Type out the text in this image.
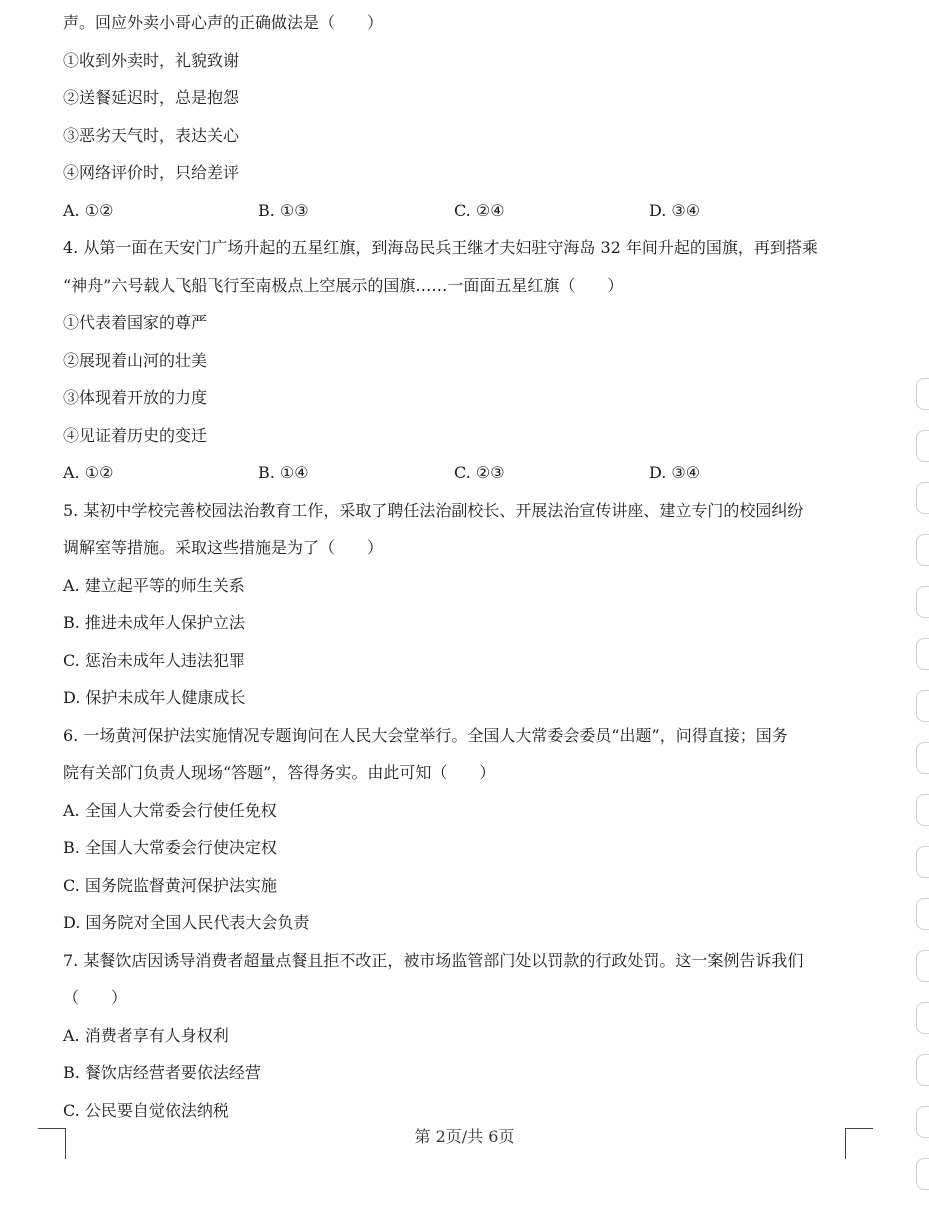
声。回应外卖小哥心声的正确做法是（　　）
①收到外卖时，礼貌致谢
②送餐延迟时，总是抱怨
③恶劣天气时，表达关心
④网络评价时，只给差评
A. ①②	B. ①③	C. ②④	D. ③④
4. 从第一面在天安门广场升起的五星红旗，到海岛民兵王继才夫妇驻守海岛 32 年间升起的国旗，再到搭乘
“神舟”六号载人飞船飞行至南极点上空展示的国旗……一面面五星红旗（　　）
①代表着国家的尊严
②展现着山河的壮美
③体现着开放的力度
④见证着历史的变迁
A. ①②	B. ①④	C. ②③	D. ③④
5. 某初中学校完善校园法治教育工作，采取了聘任法治副校长、开展法治宣传讲座、建立专门的校园纠纷
调解室等措施。采取这些措施是为了（　　）
A. 建立起平等的师生关系
B. 推进未成年人保护立法
C. 惩治未成年人违法犯罪
D. 保护未成年人健康成长
6. 一场黄河保护法实施情况专题询问在人民大会堂举行。全国人大常委会委员“出题”，问得直接；国务
院有关部门负责人现场“答题”，答得务实。由此可知（　　）
A. 全国人大常委会行使任免权
B. 全国人大常委会行使决定权
C. 国务院监督黄河保护法实施
D. 国务院对全国人民代表大会负责
7. 某餐饮店因诱导消费者超量点餐且拒不改正，被市场监管部门处以罚款的行政处罚。这一案例告诉我们
（　　）
A. 消费者享有人身权利
B. 餐饮店经营者要依法经营
C. 公民要自觉依法纳税
第 2页/共 6页
